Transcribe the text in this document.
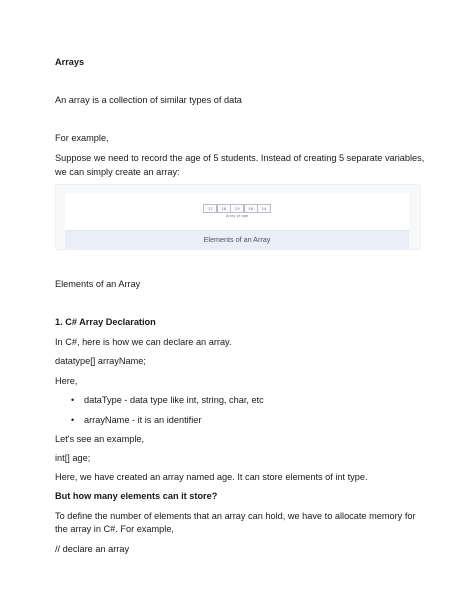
Arrays
An array is a collection of similar types of data
For example,
Suppose we need to record the age of 5 students. Instead of creating 5 separate variables,
we can simply create an array:
17	18	15	16	14
Array of age
Elements of an Array
Elements of an Array
1. C# Array Declaration
In C#, here is how we can declare an array.
datatype[] arrayName;
Here,
• dataType - data type like int, string, char, etc
• arrayName - it is an identifier
Let's see an example,
int[] age;
Here, we have created an array named age. It can store elements of int type.
But how many elements can it store?
To define the number of elements that an array can hold, we have to allocate memory for
the array in C#. For example,
// declare an array
